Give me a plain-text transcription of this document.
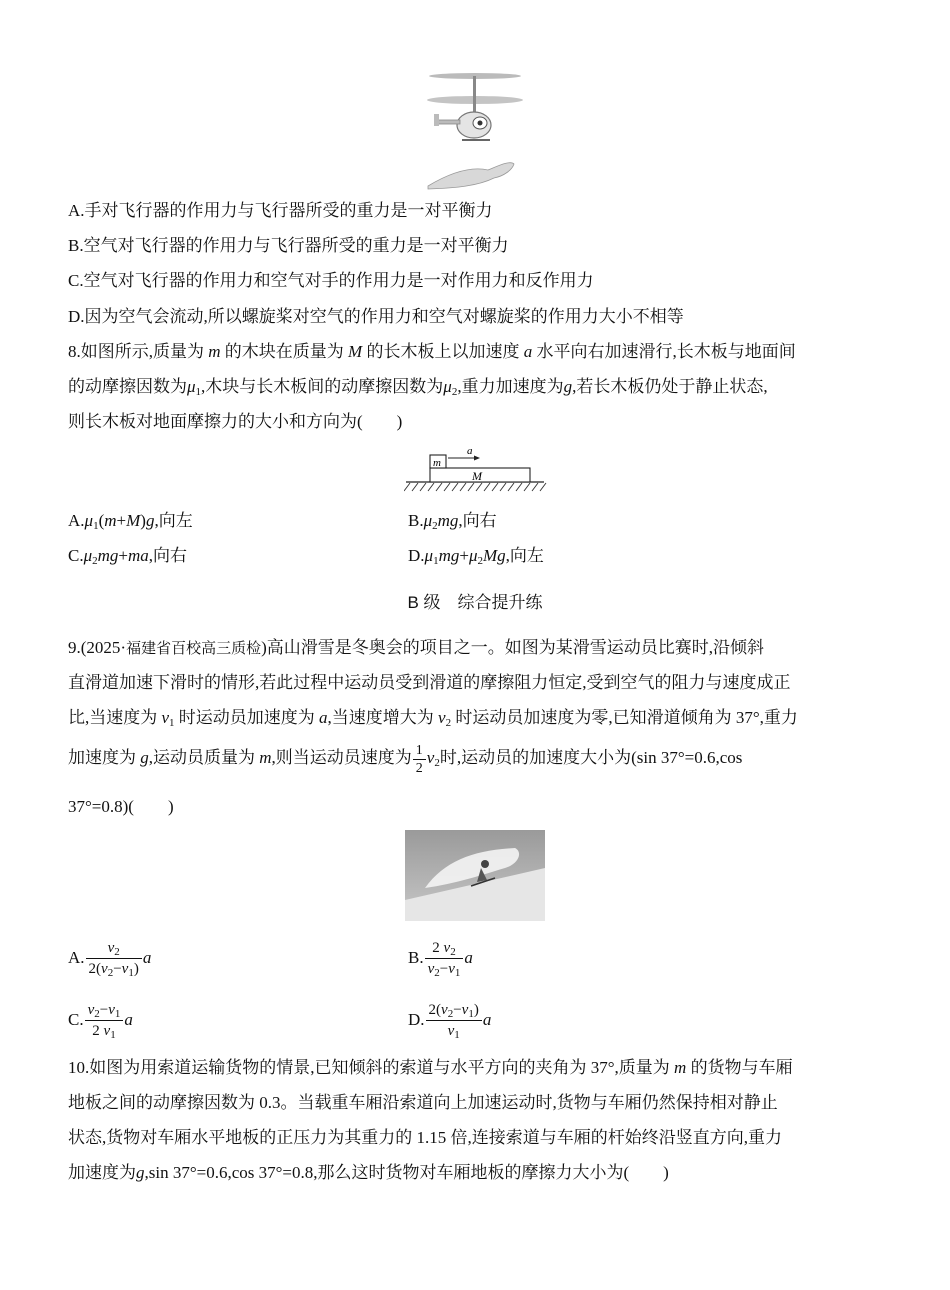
A.手对飞行器的作用力与飞行器所受的重力是一对平衡力
B.空气对飞行器的作用力与飞行器所受的重力是一对平衡力
C.空气对飞行器的作用力和空气对手的作用力是一对作用力和反作用力
D.因为空气会流动,所以螺旋桨对空气的作用力和空气对螺旋桨的作用力大小不相等
8.如图所示,质量为 m 的木块在质量为 M 的长木板上以加速度 a 水平向右加速滑行,长木板与地面间
的动摩擦因数为$\mu_1$,木块与长木板间的动摩擦因数为$\mu_2$,重力加速度为g,若长木板仍处于静止状态,
则长木板对地面摩擦力的大小和方向为(　　)
m
M
a
$A.\mu_1(m+M)g$,向左	$B.\mu_2mg$,向右
$C.\mu_2mg+ma$,向右	$D.\mu_1mg+\mu_2Mg$,向左
B 级　综合提升练
9.(2025·福建省百校高三质检)高山滑雪是冬奥会的项目之一。如图为某滑雪运动员比赛时,沿倾斜
直滑道加速下滑时的情形,若此过程中运动员受到滑道的摩擦阻力恒定,受到空气的阻力与速度成正
比,当速度为 $v_1$ 时运动员加速度为 a,当速度增大为 $v_2$ 时运动员加速度为零,已知滑道倾角为 37°,重力
加速度为 g,运动员质量为 m,则当运动员速度为 $\frac{1}{2} v_2$时,运动员的加速度大小为(sin 37°=0.6,cos
37°=0.8)(　　)
A. $\frac{v_2}{2(v_2-v_1)}$ a	B. $\frac{2 v_2}{v_2-v_1}$ a
C. $\frac{v_2-v_1}{2 v_1}$ a	D. $\frac{2(v_2-v_1)}{v_1}$ a
10.如图为用索道运输货物的情景,已知倾斜的索道与水平方向的夹角为 37°,质量为 m 的货物与车厢
地板之间的动摩擦因数为 0.3。当载重车厢沿索道向上加速运动时,货物与车厢仍然保持相对静止
状态,货物对车厢水平地板的正压力为其重力的 1.15 倍,连接索道与车厢的杆始终沿竖直方向,重力
加速度为g,sin 37°=0.6,cos 37°=0.8,那么这时货物对车厢地板的摩擦力大小为(　　)
